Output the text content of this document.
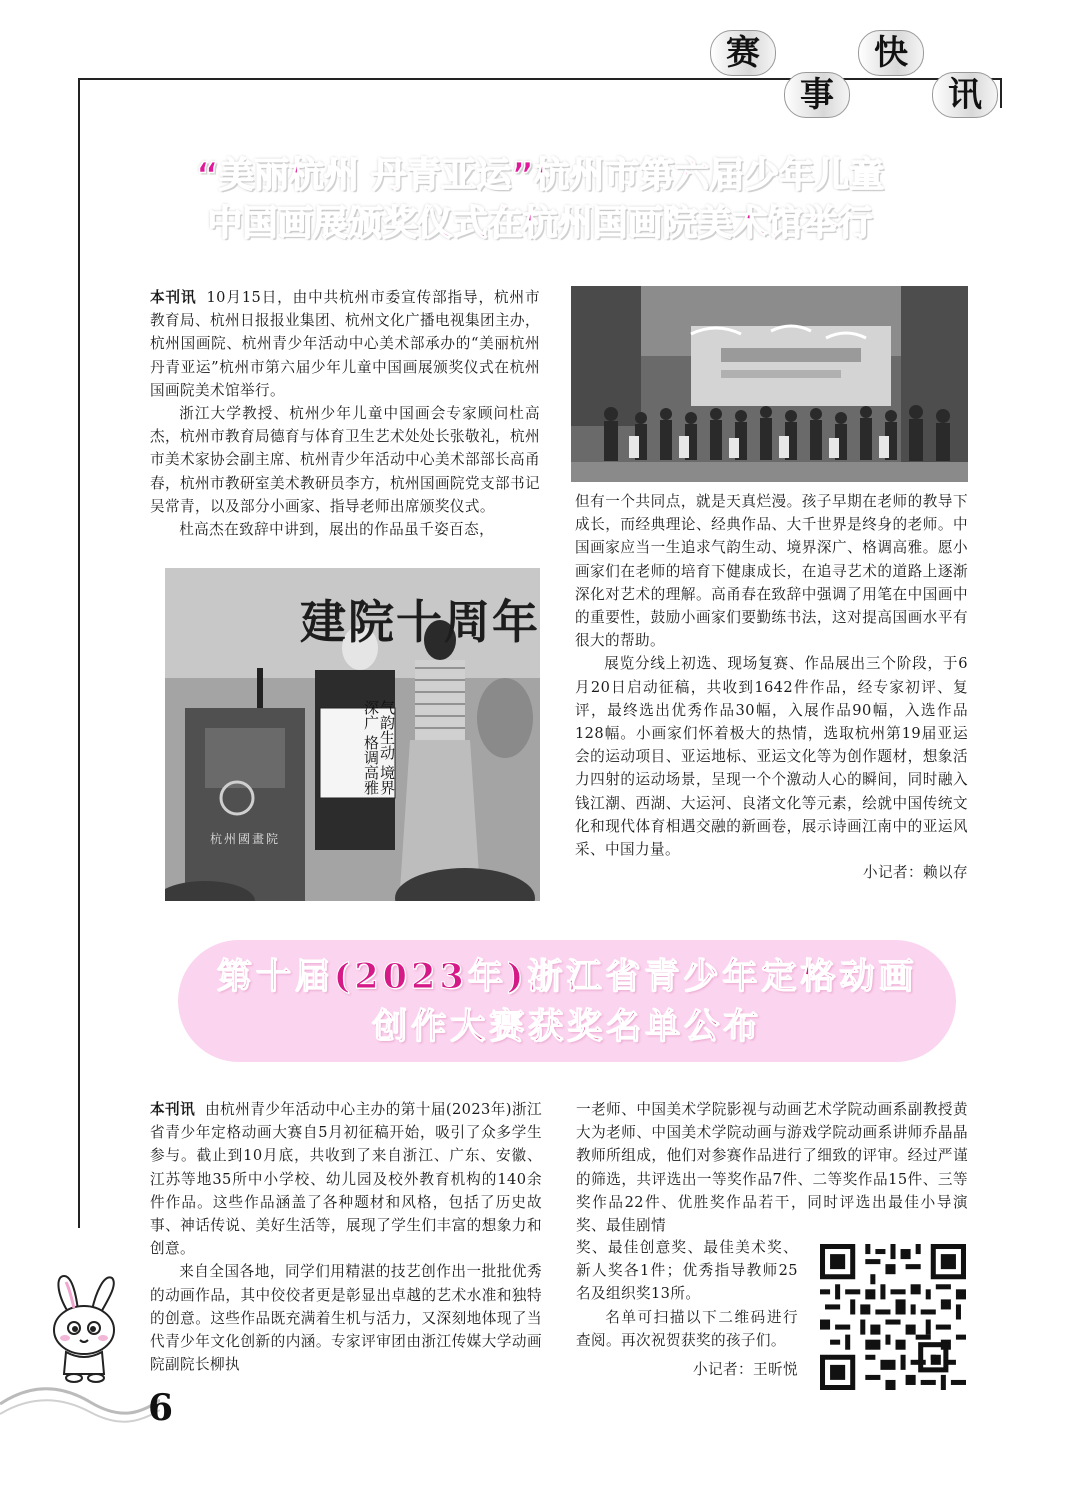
赛
事
快
讯
“美丽杭州 丹青亚运”杭州市第六届少年儿童
中国画展颁奖仪式在杭州国画院美术馆举行

本刊讯 10月15日，由中共杭州市委宣传部指导，杭州市教育局、杭州日报报业集团、杭州文化广播电视集团主办，杭州国画院、杭州青少年活动中心美术部承办的“美丽杭州 丹青亚运”杭州市第六届少年儿童中国画展颁奖仪式在杭州国画院美术馆举行。

浙江大学教授、杭州少年儿童中国画会专家顾问杜高杰，杭州市教育局德育与体育卫生艺术处处长张敬礼，杭州市美术家协会副主席、杭州青少年活动中心美术部部长高甬春，杭州市教研室美术教研员李方，杭州国画院党支部书记吴常青，以及部分小画家、指导老师出席颁奖仪式。

杜高杰在致辞中讲到，展出的作品虽千姿百态，

但有一个共同点，就是天真烂漫。孩子早期在老师的教导下成长，而经典理论、经典作品、大千世界是终身的老师。中国画家应当一生追求气韵生动、境界深广、格调高雅。愿小画家们在老师的培育下健康成长，在追寻艺术的道路上逐渐深化对艺术的理解。高甬春在致辞中强调了用笔在中国画中的重要性，鼓励小画家们要勤练书法，这对提高国画水平有很大的帮助。

展览分线上初选、现场复赛、作品展出三个阶段，于6月20日启动征稿，共收到1642件作品，经专家初评、复评，最终选出优秀作品30幅，入展作品90幅，入选作品128幅。小画家们怀着极大的热情，选取杭州第19届亚运会的运动项目、亚运地标、亚运文化等为创作题材，想象活力四射的运动场景，呈现一个个激动人心的瞬间，同时融入钱江潮、西湖、大运河、良渚文化等元素，绘就中国传统文化和现代体育相遇交融的新画卷，展示诗画江南中的亚运风采、中国力量。

小记者：赖以存

建院十周年
气韵生动 境界深广 格调高雅
杭州國畫院
第十届(2023年)浙江省青少年定格动画
创作大赛获奖名单公布

本刊讯 由杭州青少年活动中心主办的第十届(2023年)浙江省青少年定格动画大赛自5月初征稿开始，吸引了众多学生参与。截止到10月底，共收到了来自浙江、广东、安徽、江苏等地35所中小学校、幼儿园及校外教育机构的140余件作品。这些作品涵盖了各种题材和风格，包括了历史故事、神话传说、美好生活等，展现了学生们丰富的想象力和创意。

来自全国各地，同学们用精湛的技艺创作出一批批优秀的动画作品，其中佼佼者更是彰显出卓越的艺术水准和独特的创意。这些作品既充满着生机与活力，又深刻地体现了当代青少年文化创新的内涵。专家评审团由浙江传媒大学动画院副院长柳执

一老师、中国美术学院影视与动画艺术学院动画系副教授黄大为老师、中国美术学院动画与游戏学院动画系讲师乔晶晶教师所组成，他们对参赛作品进行了细致的评审。经过严谨的筛选，共评选出一等奖作品7件、二等奖作品15件、三等奖作品22件、优胜奖作品若干，同时评选出最佳小导演奖、最佳剧情

奖、最佳创意奖、最佳美术奖、新人奖各1件；优秀指导教师25名及组织奖13所。

名单可扫描以下二维码进行查阅。再次祝贺获奖的孩子们。

小记者：王昕悦

6
